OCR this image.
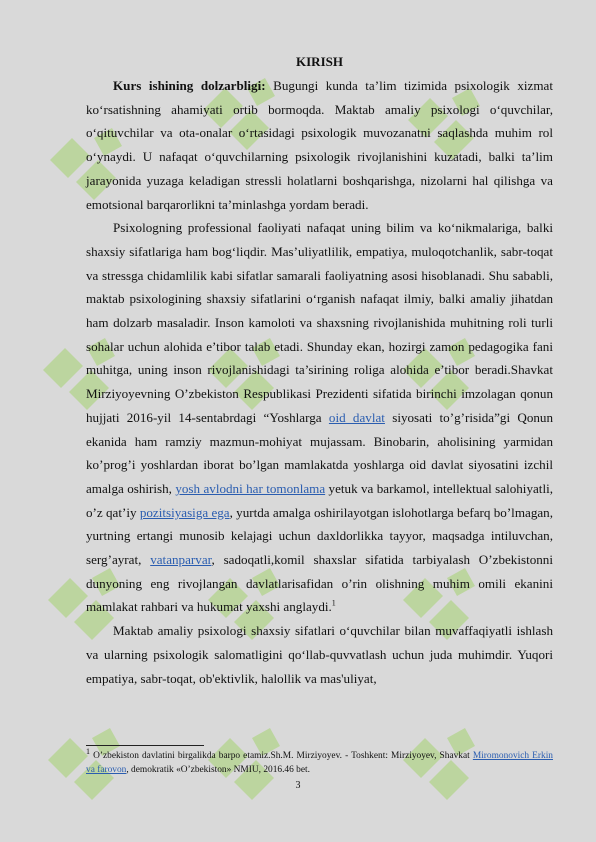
KIRISH

Kurs ishining dolzarbligi: Bugungi kunda ta’lim tizimida psixologik xizmat ko‘rsatishning ahamiyati ortib bormoqda. Maktab amaliy psixologi o‘quvchilar, o‘qituvchilar va ota-onalar o‘rtasidagi psixologik muvozanatni saqlashda muhim rol o‘ynaydi. U nafaqat o‘quvchilarning psixologik rivojlanishini kuzatadi, balki ta’lim jarayonida yuzaga keladigan stressli holatlarni boshqarishga, nizolarni hal qilishga va emotsional barqarorlikni ta’minlashga yordam beradi.

Psixologning professional faoliyati nafaqat uning bilim va ko‘nikmalariga, balki shaxsiy sifatlariga ham bog‘liqdir. Mas’uliyatlilik, empatiya, muloqotchanlik, sabr-toqat va stressga chidamlilik kabi sifatlar samarali faoliyatning asosi hisoblanadi. Shu sababli, maktab psixologining shaxsiy sifatlarini o‘rganish nafaqat ilmiy, balki amaliy jihatdan ham dolzarb masaladir. Inson kamoloti va shaxsning rivojlanishida muhitning roli turli sohalar uchun alohida e’tibor talab etadi. Shunday ekan, hozirgi zamon pedagogika fani muhitga, uning inson rivojlanishidagi ta’sirining roliga alohida e’tibor beradi.Shavkat Mirziyoyevning O’zbekiston Respublikasi Prezidenti sifatida birinchi imzolagan qonun hujjati 2016-yil 14-sentabrdagi “Yoshlarga oid davlat siyosati to’g’risida”gi Qonun ekanida ham ramziy mazmun-mohiyat mujassam. Binobarin, aholisining yarmidan ko’prog’i yoshlardan iborat bo’lgan mamlakatda yoshlarga oid davlat siyosatini izchil amalga oshirish, yosh avlodni har tomonlama yetuk va barkamol, intellektual salohiyatli, o’z qat’iy pozitsiyasiga ega, yurtda amalga oshirilayotgan islohotlarga befarq bo’lmagan, yurtning ertangi munosib kelajagi uchun daxldorlikka tayyor, maqsadga intiluvchan, serg’ayrat, vatanparvar, sadoqatli,komil shaxslar sifatida tarbiyalash O’zbekistonni dunyoning eng rivojlangan davlatlarisafidan o’rin olishning muhim omili ekanini mamlakat rahbari va hukumat yaxshi anglaydi.$^1$

Maktab amaliy psixologi shaxsiy sifatlari o‘quvchilar bilan muvaffaqiyatli ishlash va ularning psixologik salomatligini qo‘llab-quvvatlash uchun juda muhimdir. Yuqori empatiya, sabr-toqat, ob'ektivlik, halollik va mas'uliyat,

$^1$ O’zbekiston davlatini birgalikda barpo etamiz.Sh.M. Mirziyoyev. - Toshkent: Mirziyoyev, Shavkat Miromonovich Erkin va farovon, demokratik «O’zbekiston» NMIU, 2016.46 bet.
3
